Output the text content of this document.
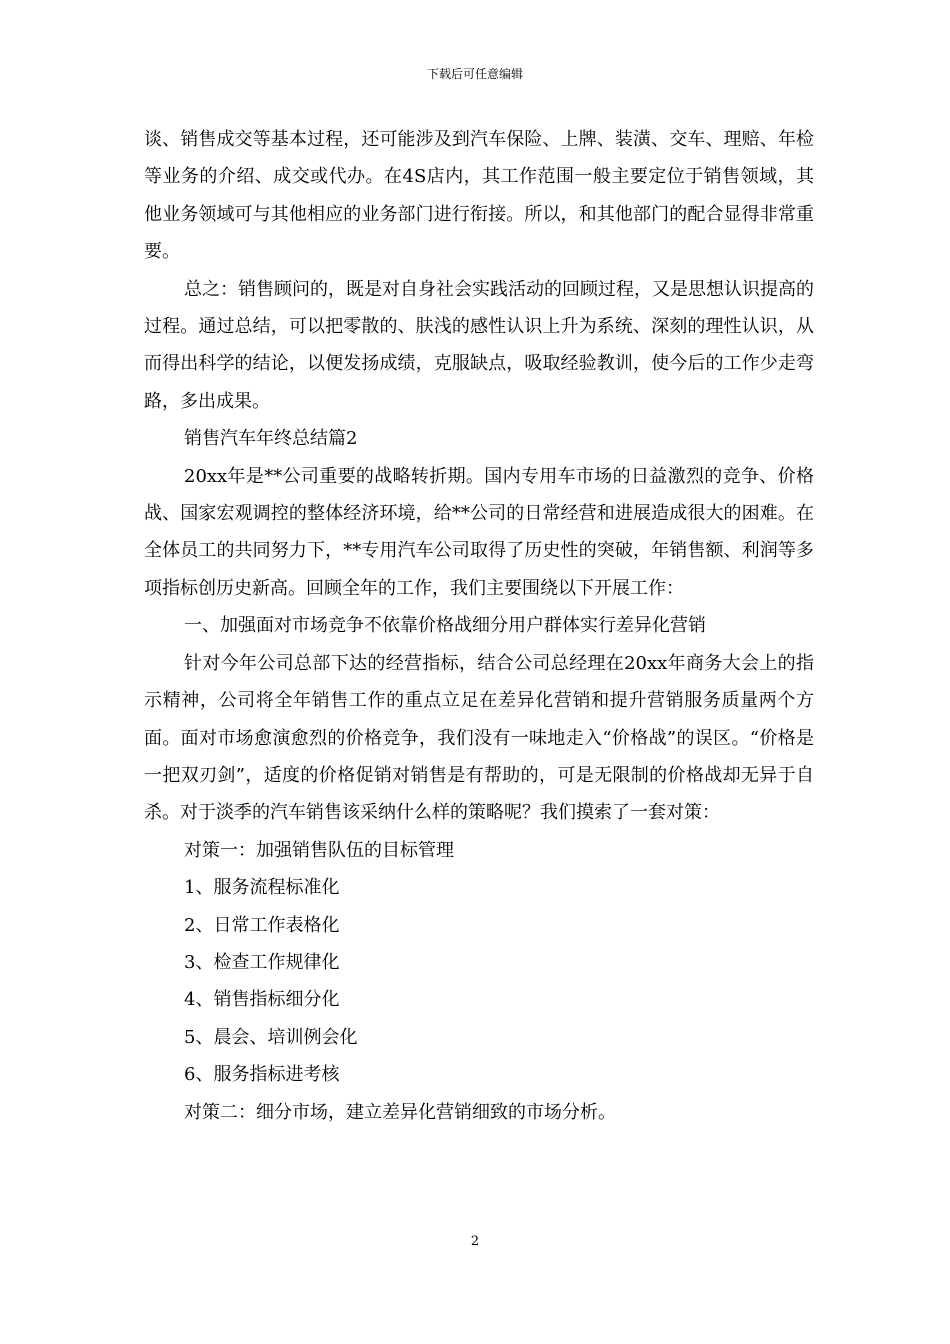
下载后可任意编辑

谈、销售成交等基本过程，还可能涉及到汽车保险、上牌、装潢、交车、理赔、年检等业务的介绍、成交或代办。在4S店内，其工作范围一般主要定位于销售领域，其他业务领域可与其他相应的业务部门进行衔接。所以，和其他部门的配合显得非常重要。

总之：销售顾问的，既是对自身社会实践活动的回顾过程，又是思想认识提高的过程。通过总结，可以把零散的、肤浅的感性认识上升为系统、深刻的理性认识，从而得出科学的结论，以便发扬成绩，克服缺点，吸取经验教训，使今后的工作少走弯路，多出成果。

销售汽车年终总结篇2

20xx年是**公司重要的战略转折期。国内专用车市场的日益激烈的竞争、价格战、国家宏观调控的整体经济环境，给**公司的日常经营和进展造成很大的困难。在全体员工的共同努力下，**专用汽车公司取得了历史性的突破，年销售额、利润等多项指标创历史新高。回顾全年的工作，我们主要围绕以下开展工作：

一、加强面对市场竞争不依靠价格战细分用户群体实行差异化营销

针对今年公司总部下达的经营指标，结合公司总经理在20xx年商务大会上的指示精神，公司将全年销售工作的重点立足在差异化营销和提升营销服务质量两个方面。面对市场愈演愈烈的价格竞争，我们没有一味地走入“价格战”的误区。“价格是一把双刃剑”，适度的价格促销对销售是有帮助的，可是无限制的价格战却无异于自杀。对于淡季的汽车销售该采纳什么样的策略呢？我们摸索了一套对策：

对策一：加强销售队伍的目标管理

1、服务流程标准化

2、日常工作表格化

3、检查工作规律化

4、销售指标细分化

5、晨会、培训例会化

6、服务指标进考核

对策二：细分市场，建立差异化营销细致的市场分析。

2
